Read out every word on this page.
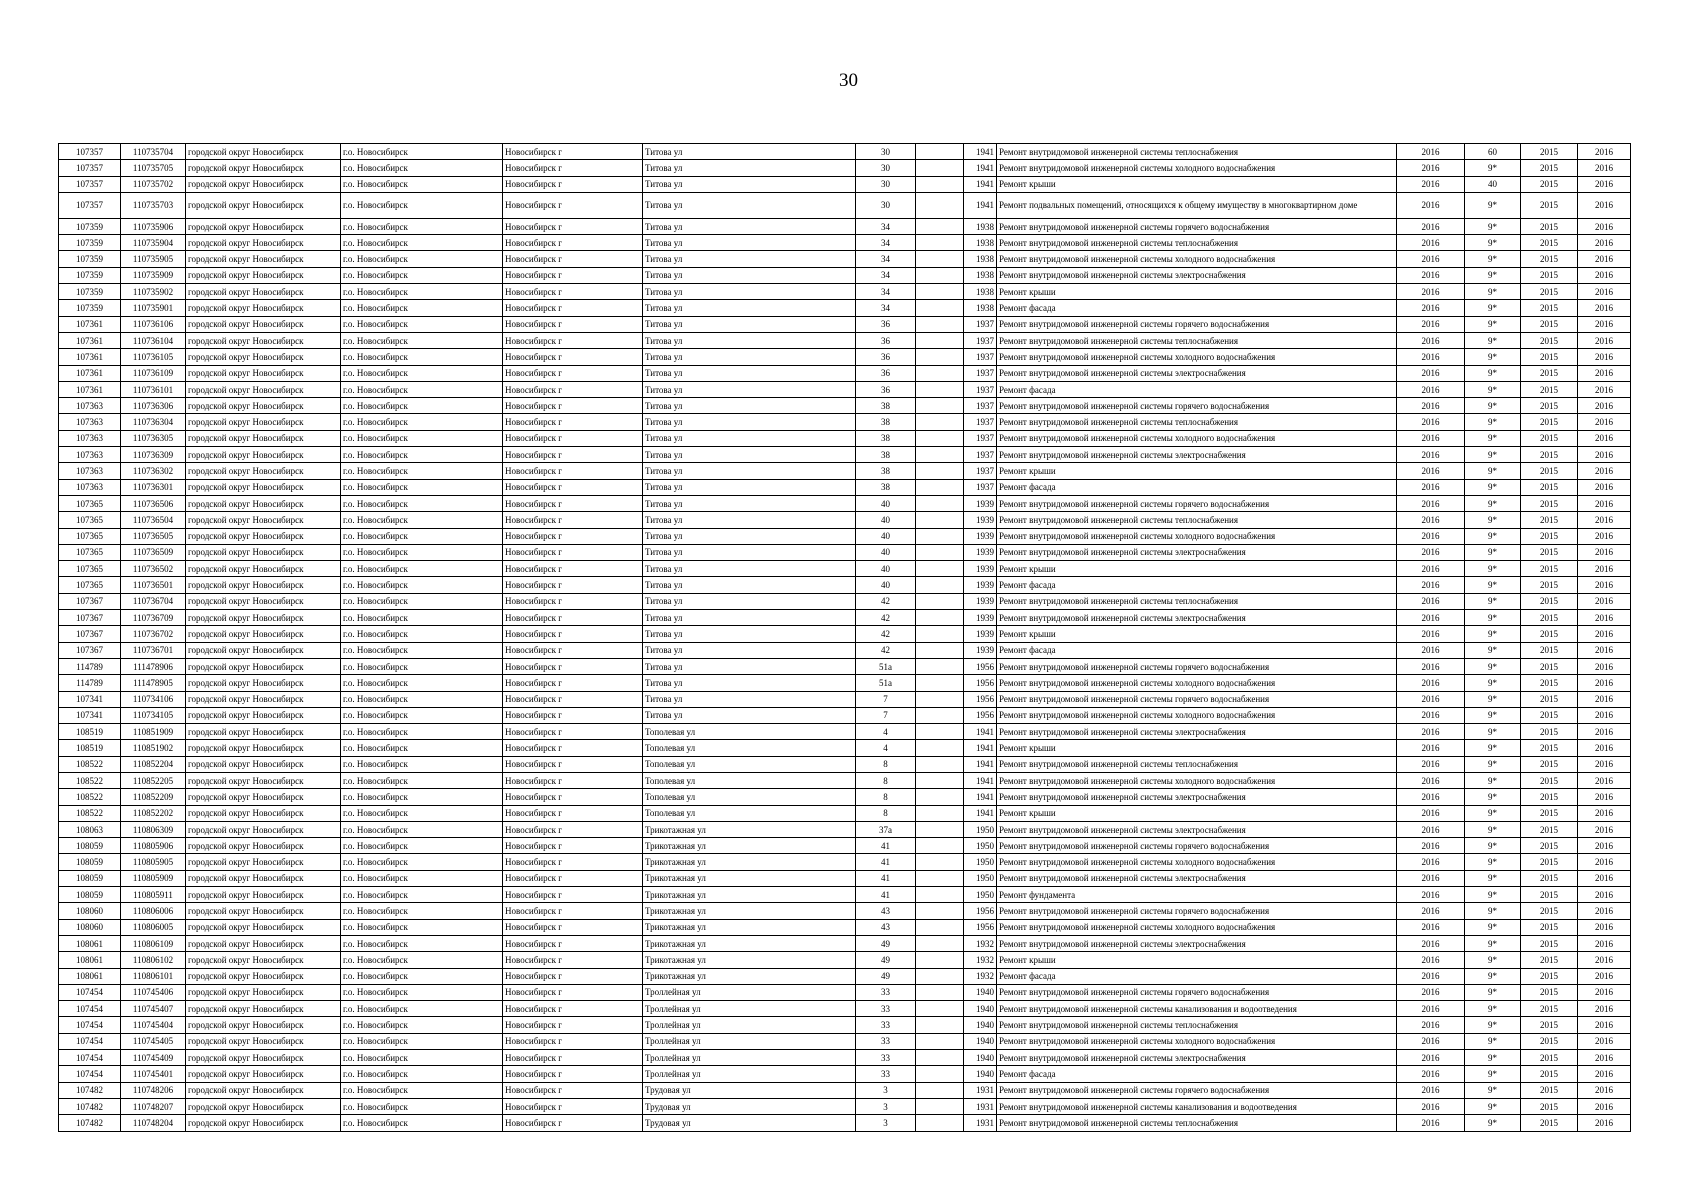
30
107357	110735704	городской округ Новосибирск	г.о. Новосибирск	Новосибирск г	Титова ул	30		1941	Ремонт внутридомовой инженерной системы теплоснабжения	2016	60	2015	2016
107357	110735705	городской округ Новосибирск	г.о. Новосибирск	Новосибирск г	Титова ул	30		1941	Ремонт внутридомовой инженерной системы холодного водоснабжения	2016	9*	2015	2016
107357	110735702	городской округ Новосибирск	г.о. Новосибирск	Новосибирск г	Титова ул	30		1941	Ремонт крыши	2016	40	2015	2016
107357	110735703	городской округ Новосибирск	г.о. Новосибирск	Новосибирск г	Титова ул	30		1941	Ремонт подвальных помещений, относящихся к общему имуществу в многоквартирном доме	2016	9*	2015	2016
107359	110735906	городской округ Новосибирск	г.о. Новосибирск	Новосибирск г	Титова ул	34		1938	Ремонт внутридомовой инженерной системы горячего водоснабжения	2016	9*	2015	2016
107359	110735904	городской округ Новосибирск	г.о. Новосибирск	Новосибирск г	Титова ул	34		1938	Ремонт внутридомовой инженерной системы теплоснабжения	2016	9*	2015	2016
107359	110735905	городской округ Новосибирск	г.о. Новосибирск	Новосибирск г	Титова ул	34		1938	Ремонт внутридомовой инженерной системы холодного водоснабжения	2016	9*	2015	2016
107359	110735909	городской округ Новосибирск	г.о. Новосибирск	Новосибирск г	Титова ул	34		1938	Ремонт внутридомовой инженерной системы электроснабжения	2016	9*	2015	2016
107359	110735902	городской округ Новосибирск	г.о. Новосибирск	Новосибирск г	Титова ул	34		1938	Ремонт крыши	2016	9*	2015	2016
107359	110735901	городской округ Новосибирск	г.о. Новосибирск	Новосибирск г	Титова ул	34		1938	Ремонт фасада	2016	9*	2015	2016
107361	110736106	городской округ Новосибирск	г.о. Новосибирск	Новосибирск г	Титова ул	36		1937	Ремонт внутридомовой инженерной системы горячего водоснабжения	2016	9*	2015	2016
107361	110736104	городской округ Новосибирск	г.о. Новосибирск	Новосибирск г	Титова ул	36		1937	Ремонт внутридомовой инженерной системы теплоснабжения	2016	9*	2015	2016
107361	110736105	городской округ Новосибирск	г.о. Новосибирск	Новосибирск г	Титова ул	36		1937	Ремонт внутридомовой инженерной системы холодного водоснабжения	2016	9*	2015	2016
107361	110736109	городской округ Новосибирск	г.о. Новосибирск	Новосибирск г	Титова ул	36		1937	Ремонт внутридомовой инженерной системы электроснабжения	2016	9*	2015	2016
107361	110736101	городской округ Новосибирск	г.о. Новосибирск	Новосибирск г	Титова ул	36		1937	Ремонт фасада	2016	9*	2015	2016
107363	110736306	городской округ Новосибирск	г.о. Новосибирск	Новосибирск г	Титова ул	38		1937	Ремонт внутридомовой инженерной системы горячего водоснабжения	2016	9*	2015	2016
107363	110736304	городской округ Новосибирск	г.о. Новосибирск	Новосибирск г	Титова ул	38		1937	Ремонт внутридомовой инженерной системы теплоснабжения	2016	9*	2015	2016
107363	110736305	городской округ Новосибирск	г.о. Новосибирск	Новосибирск г	Титова ул	38		1937	Ремонт внутридомовой инженерной системы холодного водоснабжения	2016	9*	2015	2016
107363	110736309	городской округ Новосибирск	г.о. Новосибирск	Новосибирск г	Титова ул	38		1937	Ремонт внутридомовой инженерной системы электроснабжения	2016	9*	2015	2016
107363	110736302	городской округ Новосибирск	г.о. Новосибирск	Новосибирск г	Титова ул	38		1937	Ремонт крыши	2016	9*	2015	2016
107363	110736301	городской округ Новосибирск	г.о. Новосибирск	Новосибирск г	Титова ул	38		1937	Ремонт фасада	2016	9*	2015	2016
107365	110736506	городской округ Новосибирск	г.о. Новосибирск	Новосибирск г	Титова ул	40		1939	Ремонт внутридомовой инженерной системы горячего водоснабжения	2016	9*	2015	2016
107365	110736504	городской округ Новосибирск	г.о. Новосибирск	Новосибирск г	Титова ул	40		1939	Ремонт внутридомовой инженерной системы теплоснабжения	2016	9*	2015	2016
107365	110736505	городской округ Новосибирск	г.о. Новосибирск	Новосибирск г	Титова ул	40		1939	Ремонт внутридомовой инженерной системы холодного водоснабжения	2016	9*	2015	2016
107365	110736509	городской округ Новосибирск	г.о. Новосибирск	Новосибирск г	Титова ул	40		1939	Ремонт внутридомовой инженерной системы электроснабжения	2016	9*	2015	2016
107365	110736502	городской округ Новосибирск	г.о. Новосибирск	Новосибирск г	Титова ул	40		1939	Ремонт крыши	2016	9*	2015	2016
107365	110736501	городской округ Новосибирск	г.о. Новосибирск	Новосибирск г	Титова ул	40		1939	Ремонт фасада	2016	9*	2015	2016
107367	110736704	городской округ Новосибирск	г.о. Новосибирск	Новосибирск г	Титова ул	42		1939	Ремонт внутридомовой инженерной системы теплоснабжения	2016	9*	2015	2016
107367	110736709	городской округ Новосибирск	г.о. Новосибирск	Новосибирск г	Титова ул	42		1939	Ремонт внутридомовой инженерной системы электроснабжения	2016	9*	2015	2016
107367	110736702	городской округ Новосибирск	г.о. Новосибирск	Новосибирск г	Титова ул	42		1939	Ремонт крыши	2016	9*	2015	2016
107367	110736701	городской округ Новосибирск	г.о. Новосибирск	Новосибирск г	Титова ул	42		1939	Ремонт фасада	2016	9*	2015	2016
114789	111478906	городской округ Новосибирск	г.о. Новосибирск	Новосибирск г	Титова ул	51а		1956	Ремонт внутридомовой инженерной системы горячего водоснабжения	2016	9*	2015	2016
114789	111478905	городской округ Новосибирск	г.о. Новосибирск	Новосибирск г	Титова ул	51а		1956	Ремонт внутридомовой инженерной системы холодного водоснабжения	2016	9*	2015	2016
107341	110734106	городской округ Новосибирск	г.о. Новосибирск	Новосибирск г	Титова ул	7		1956	Ремонт внутридомовой инженерной системы горячего водоснабжения	2016	9*	2015	2016
107341	110734105	городской округ Новосибирск	г.о. Новосибирск	Новосибирск г	Титова ул	7		1956	Ремонт внутридомовой инженерной системы холодного водоснабжения	2016	9*	2015	2016
108519	110851909	городской округ Новосибирск	г.о. Новосибирск	Новосибирск г	Тополевая ул	4		1941	Ремонт внутридомовой инженерной системы электроснабжения	2016	9*	2015	2016
108519	110851902	городской округ Новосибирск	г.о. Новосибирск	Новосибирск г	Тополевая ул	4		1941	Ремонт крыши	2016	9*	2015	2016
108522	110852204	городской округ Новосибирск	г.о. Новосибирск	Новосибирск г	Тополевая ул	8		1941	Ремонт внутридомовой инженерной системы теплоснабжения	2016	9*	2015	2016
108522	110852205	городской округ Новосибирск	г.о. Новосибирск	Новосибирск г	Тополевая ул	8		1941	Ремонт внутридомовой инженерной системы холодного водоснабжения	2016	9*	2015	2016
108522	110852209	городской округ Новосибирск	г.о. Новосибирск	Новосибирск г	Тополевая ул	8		1941	Ремонт внутридомовой инженерной системы электроснабжения	2016	9*	2015	2016
108522	110852202	городской округ Новосибирск	г.о. Новосибирск	Новосибирск г	Тополевая ул	8		1941	Ремонт крыши	2016	9*	2015	2016
108063	110806309	городской округ Новосибирск	г.о. Новосибирск	Новосибирск г	Трикотажная ул	37а		1950	Ремонт внутридомовой инженерной системы электроснабжения	2016	9*	2015	2016
108059	110805906	городской округ Новосибирск	г.о. Новосибирск	Новосибирск г	Трикотажная ул	41		1950	Ремонт внутридомовой инженерной системы горячего водоснабжения	2016	9*	2015	2016
108059	110805905	городской округ Новосибирск	г.о. Новосибирск	Новосибирск г	Трикотажная ул	41		1950	Ремонт внутридомовой инженерной системы холодного водоснабжения	2016	9*	2015	2016
108059	110805909	городской округ Новосибирск	г.о. Новосибирск	Новосибирск г	Трикотажная ул	41		1950	Ремонт внутридомовой инженерной системы электроснабжения	2016	9*	2015	2016
108059	110805911	городской округ Новосибирск	г.о. Новосибирск	Новосибирск г	Трикотажная ул	41		1950	Ремонт фундамента	2016	9*	2015	2016
108060	110806006	городской округ Новосибирск	г.о. Новосибирск	Новосибирск г	Трикотажная ул	43		1956	Ремонт внутридомовой инженерной системы горячего водоснабжения	2016	9*	2015	2016
108060	110806005	городской округ Новосибирск	г.о. Новосибирск	Новосибирск г	Трикотажная ул	43		1956	Ремонт внутридомовой инженерной системы холодного водоснабжения	2016	9*	2015	2016
108061	110806109	городской округ Новосибирск	г.о. Новосибирск	Новосибирск г	Трикотажная ул	49		1932	Ремонт внутридомовой инженерной системы электроснабжения	2016	9*	2015	2016
108061	110806102	городской округ Новосибирск	г.о. Новосибирск	Новосибирск г	Трикотажная ул	49		1932	Ремонт крыши	2016	9*	2015	2016
108061	110806101	городской округ Новосибирск	г.о. Новосибирск	Новосибирск г	Трикотажная ул	49		1932	Ремонт фасада	2016	9*	2015	2016
107454	110745406	городской округ Новосибирск	г.о. Новосибирск	Новосибирск г	Троллейная ул	33		1940	Ремонт внутридомовой инженерной системы горячего водоснабжения	2016	9*	2015	2016
107454	110745407	городской округ Новосибирск	г.о. Новосибирск	Новосибирск г	Троллейная ул	33		1940	Ремонт внутридомовой инженерной системы канализования и водоотведения	2016	9*	2015	2016
107454	110745404	городской округ Новосибирск	г.о. Новосибирск	Новосибирск г	Троллейная ул	33		1940	Ремонт внутридомовой инженерной системы теплоснабжения	2016	9*	2015	2016
107454	110745405	городской округ Новосибирск	г.о. Новосибирск	Новосибирск г	Троллейная ул	33		1940	Ремонт внутридомовой инженерной системы холодного водоснабжения	2016	9*	2015	2016
107454	110745409	городской округ Новосибирск	г.о. Новосибирск	Новосибирск г	Троллейная ул	33		1940	Ремонт внутридомовой инженерной системы электроснабжения	2016	9*	2015	2016
107454	110745401	городской округ Новосибирск	г.о. Новосибирск	Новосибирск г	Троллейная ул	33		1940	Ремонт фасада	2016	9*	2015	2016
107482	110748206	городской округ Новосибирск	г.о. Новосибирск	Новосибирск г	Трудовая ул	3		1931	Ремонт внутридомовой инженерной системы горячего водоснабжения	2016	9*	2015	2016
107482	110748207	городской округ Новосибирск	г.о. Новосибирск	Новосибирск г	Трудовая ул	3		1931	Ремонт внутридомовой инженерной системы канализования и водоотведения	2016	9*	2015	2016
107482	110748204	городской округ Новосибирск	г.о. Новосибирск	Новосибирск г	Трудовая ул	3		1931	Ремонт внутридомовой инженерной системы теплоснабжения	2016	9*	2015	2016
